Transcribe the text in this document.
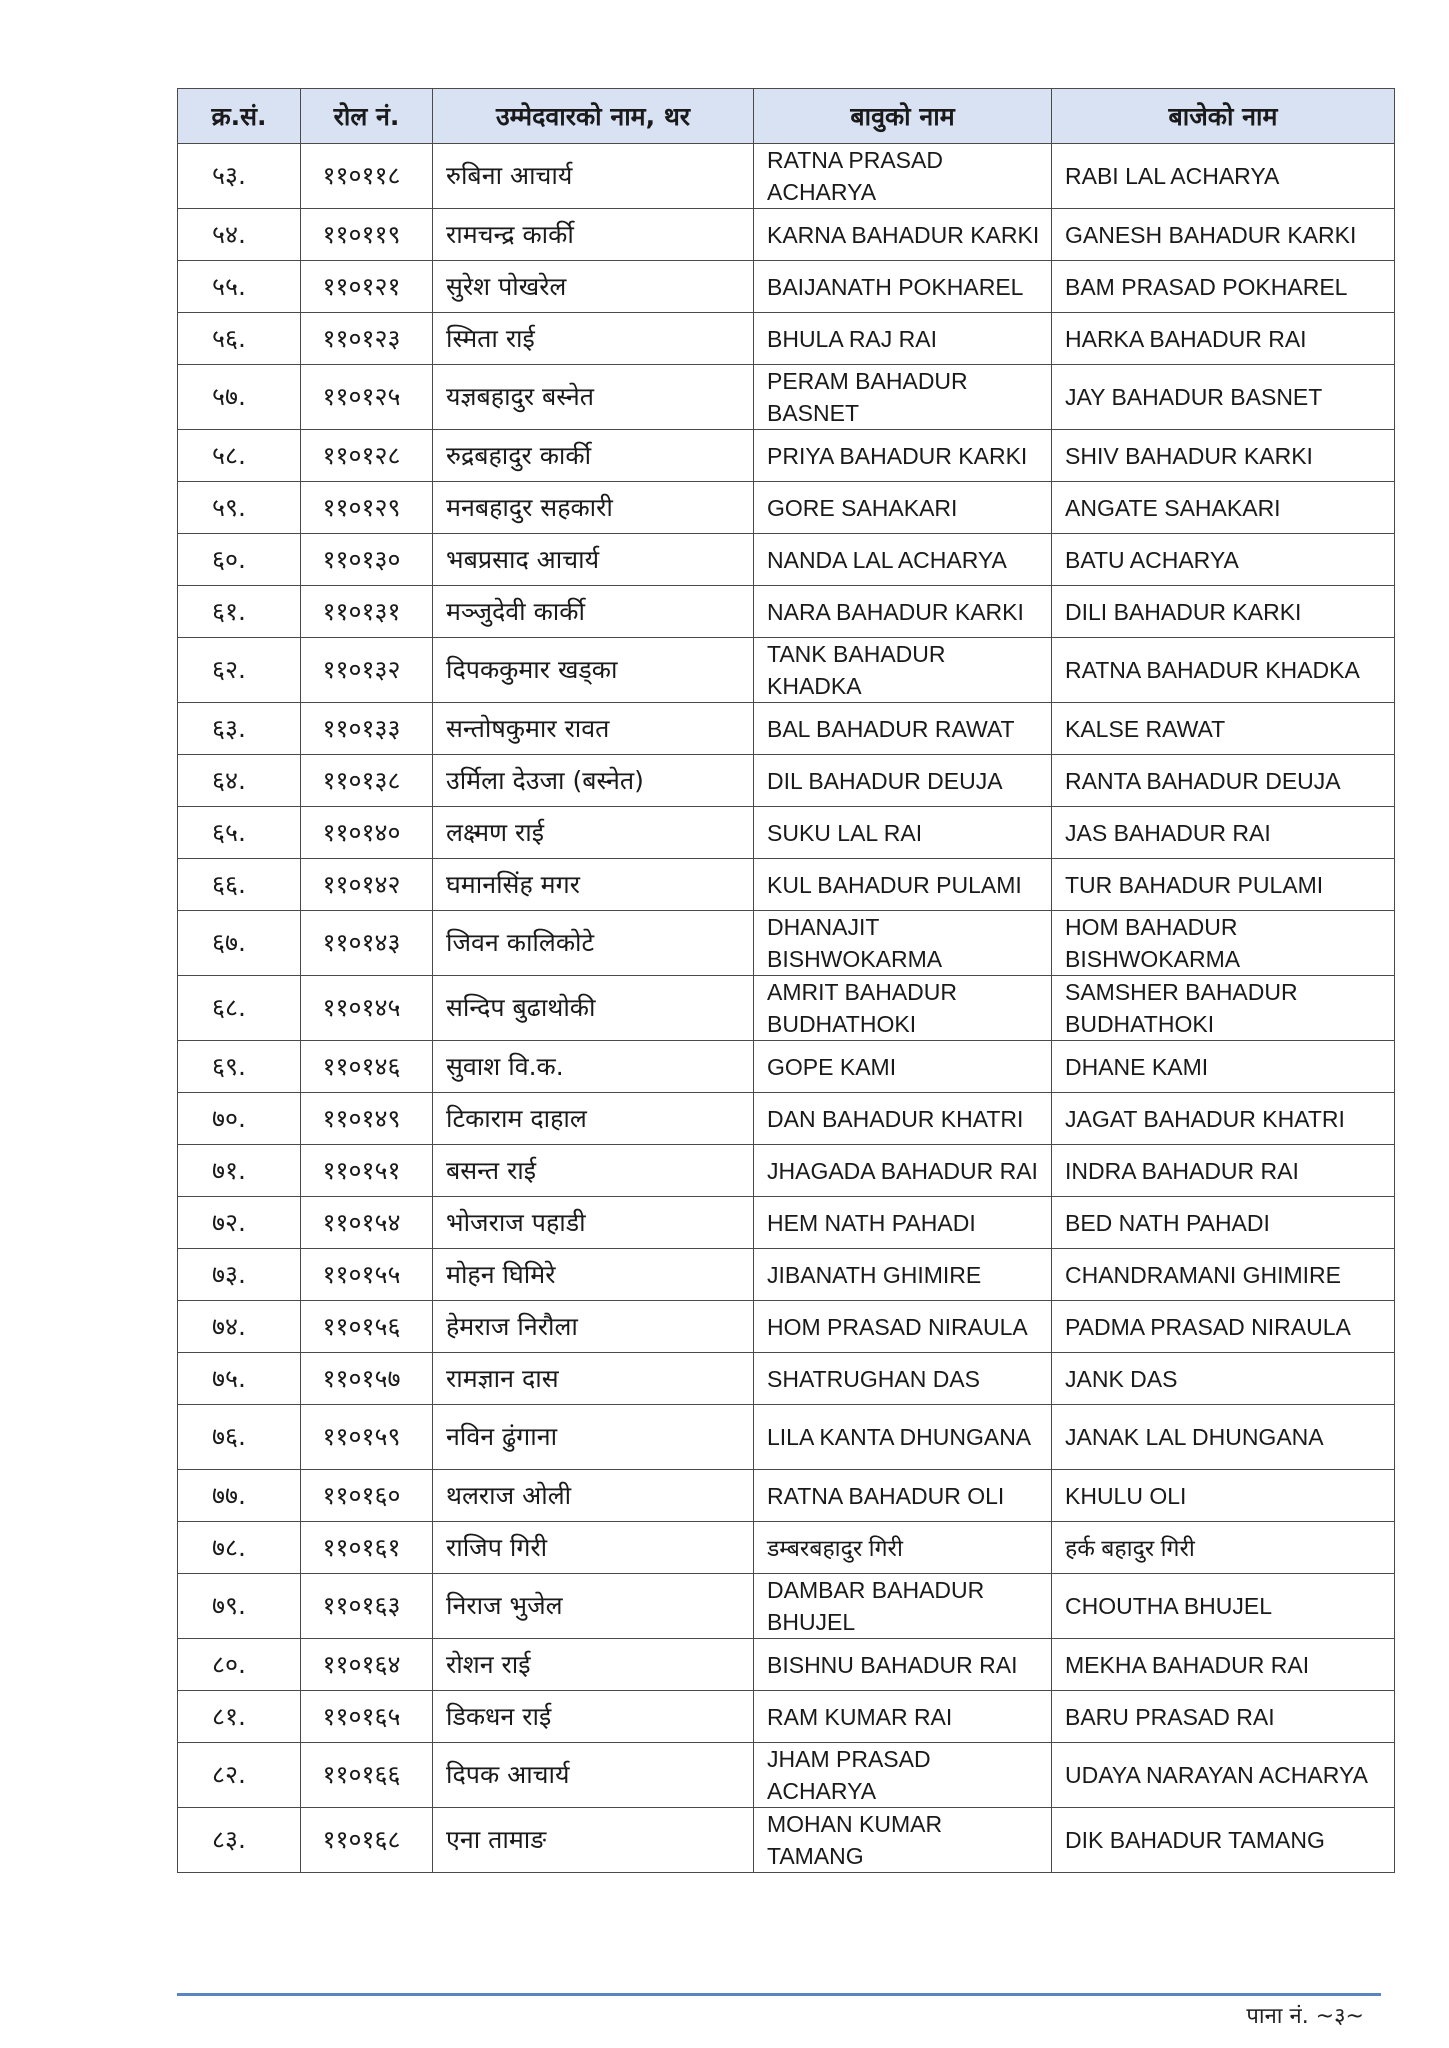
क्र.सं.	रोल नं.	उम्मेदवारको नाम, थर	बावुको नाम	बाजेको नाम
५३.	११०११८	रुबिना आचार्य	RATNA PRASAD ACHARYA	RABI LAL ACHARYA
५४.	११०११९	रामचन्द्र कार्की	KARNA BAHADUR KARKI	GANESH BAHADUR KARKI
५५.	११०१२१	सुरेश पोखरेल	BAIJANATH POKHAREL	BAM PRASAD POKHAREL
५६.	११०१२३	स्मिता राई	BHULA RAJ RAI	HARKA BAHADUR RAI
५७.	११०१२५	यज्ञबहादुर बस्नेत	PERAM BAHADUR BASNET	JAY BAHADUR BASNET
५८.	११०१२८	रुद्रबहादुर कार्की	PRIYA BAHADUR KARKI	SHIV BAHADUR KARKI
५९.	११०१२९	मनबहादुर सहकारी	GORE SAHAKARI	ANGATE SAHAKARI
६०.	११०१३०	भबप्रसाद आचार्य	NANDA LAL ACHARYA	BATU ACHARYA
६१.	११०१३१	मञ्जुदेवी कार्की	NARA BAHADUR KARKI	DILI BAHADUR KARKI
६२.	११०१३२	दिपककुमार खड्का	TANK BAHADUR KHADKA	RATNA BAHADUR KHADKA
६३.	११०१३३	सन्तोषकुमार रावत	BAL BAHADUR RAWAT	KALSE RAWAT
६४.	११०१३८	उर्मिला देउजा (बस्नेत)	DIL BAHADUR DEUJA	RANTA BAHADUR DEUJA
६५.	११०१४०	लक्ष्मण राई	SUKU LAL RAI	JAS BAHADUR RAI
६६.	११०१४२	घमानसिंह मगर	KUL BAHADUR PULAMI	TUR BAHADUR PULAMI
६७.	११०१४३	जिवन कालिकोटे	DHANAJIT BISHWOKARMA	HOM BAHADUR BISHWOKARMA
६८.	११०१४५	सन्दिप बुढाथोकी	AMRIT BAHADUR BUDHATHOKI	SAMSHER BAHADUR BUDHATHOKI
६९.	११०१४६	सुवाश वि.क.	GOPE KAMI	DHANE KAMI
७०.	११०१४९	टिकाराम दाहाल	DAN BAHADUR KHATRI	JAGAT BAHADUR KHATRI
७१.	११०१५१	बसन्त राई	JHAGADA BAHADUR RAI	INDRA BAHADUR RAI
७२.	११०१५४	भोजराज पहाडी	HEM NATH PAHADI	BED NATH PAHADI
७३.	११०१५५	मोहन घिमिरे	JIBANATH GHIMIRE	CHANDRAMANI GHIMIRE
७४.	११०१५६	हेमराज निरौला	HOM PRASAD NIRAULA	PADMA PRASAD NIRAULA
७५.	११०१५७	रामज्ञान दास	SHATRUGHAN DAS	JANK DAS
७६.	११०१५९	नविन ढुंगाना	LILA KANTA DHUNGANA	JANAK LAL DHUNGANA
७७.	११०१६०	थलराज ओली	RATNA BAHADUR OLI	KHULU OLI
७८.	११०१६१	राजिप गिरी	डम्बरबहादुर गिरी	हर्क बहादुर गिरी
७९.	११०१६३	निराज भुजेल	DAMBAR BAHADUR BHUJEL	CHOUTHA BHUJEL
८०.	११०१६४	रोशन राई	BISHNU BAHADUR RAI	MEKHA BAHADUR RAI
८१.	११०१६५	डिकधन राई	RAM KUMAR RAI	BARU PRASAD RAI
८२.	११०१६६	दिपक आचार्य	JHAM PRASAD ACHARYA	UDAYA NARAYAN ACHARYA
८३.	११०१६८	एना तामाङ	MOHAN KUMAR TAMANG	DIK BAHADUR TAMANG
पाना नं. ~३~
